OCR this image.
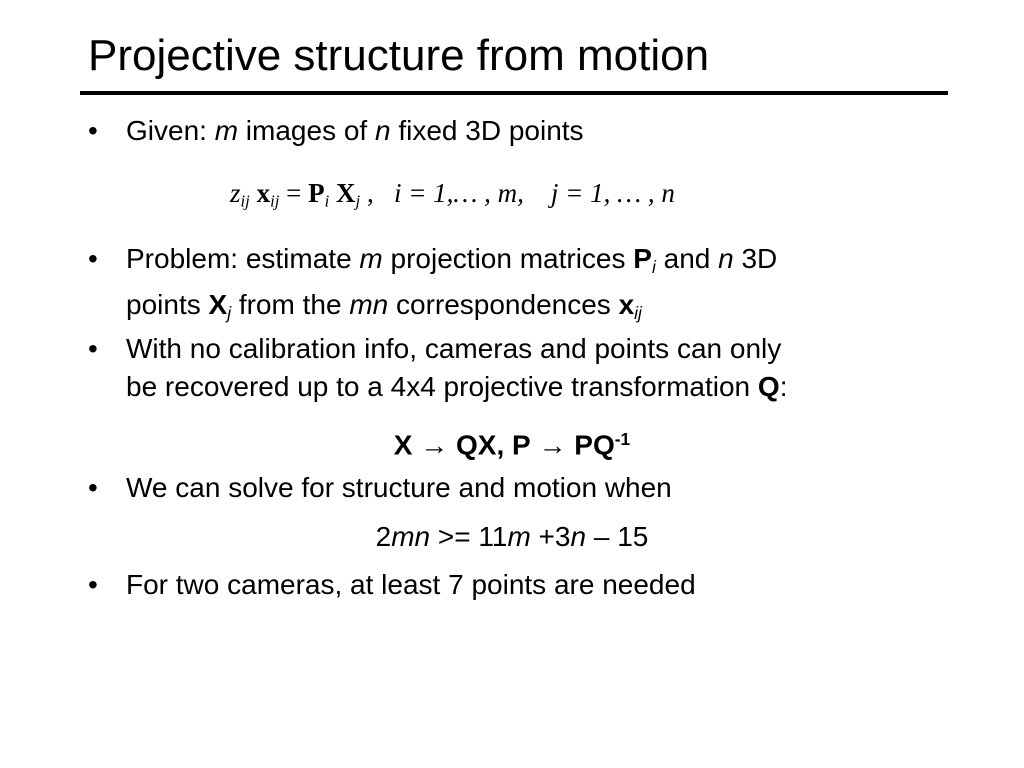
Projective structure from motion
• Given: m images of n fixed 3D points
$z_{ij}$ $x_{ij} = P_i$ $X_j$ , i = 1,… , m, j = 1, … , n
• Problem: estimate m projection matrices $P_i$ and n 3D
points $X_j$ from the mn correspondences $x_{ij}$
• With no calibration info, cameras and points can only
be recovered up to a 4x4 projective transformation Q:
X → QX, $P \to PQ^{-1}$
• We can solve for structure and motion when
2mn >= 11m +3n – 15
• For two cameras, at least 7 points are needed
